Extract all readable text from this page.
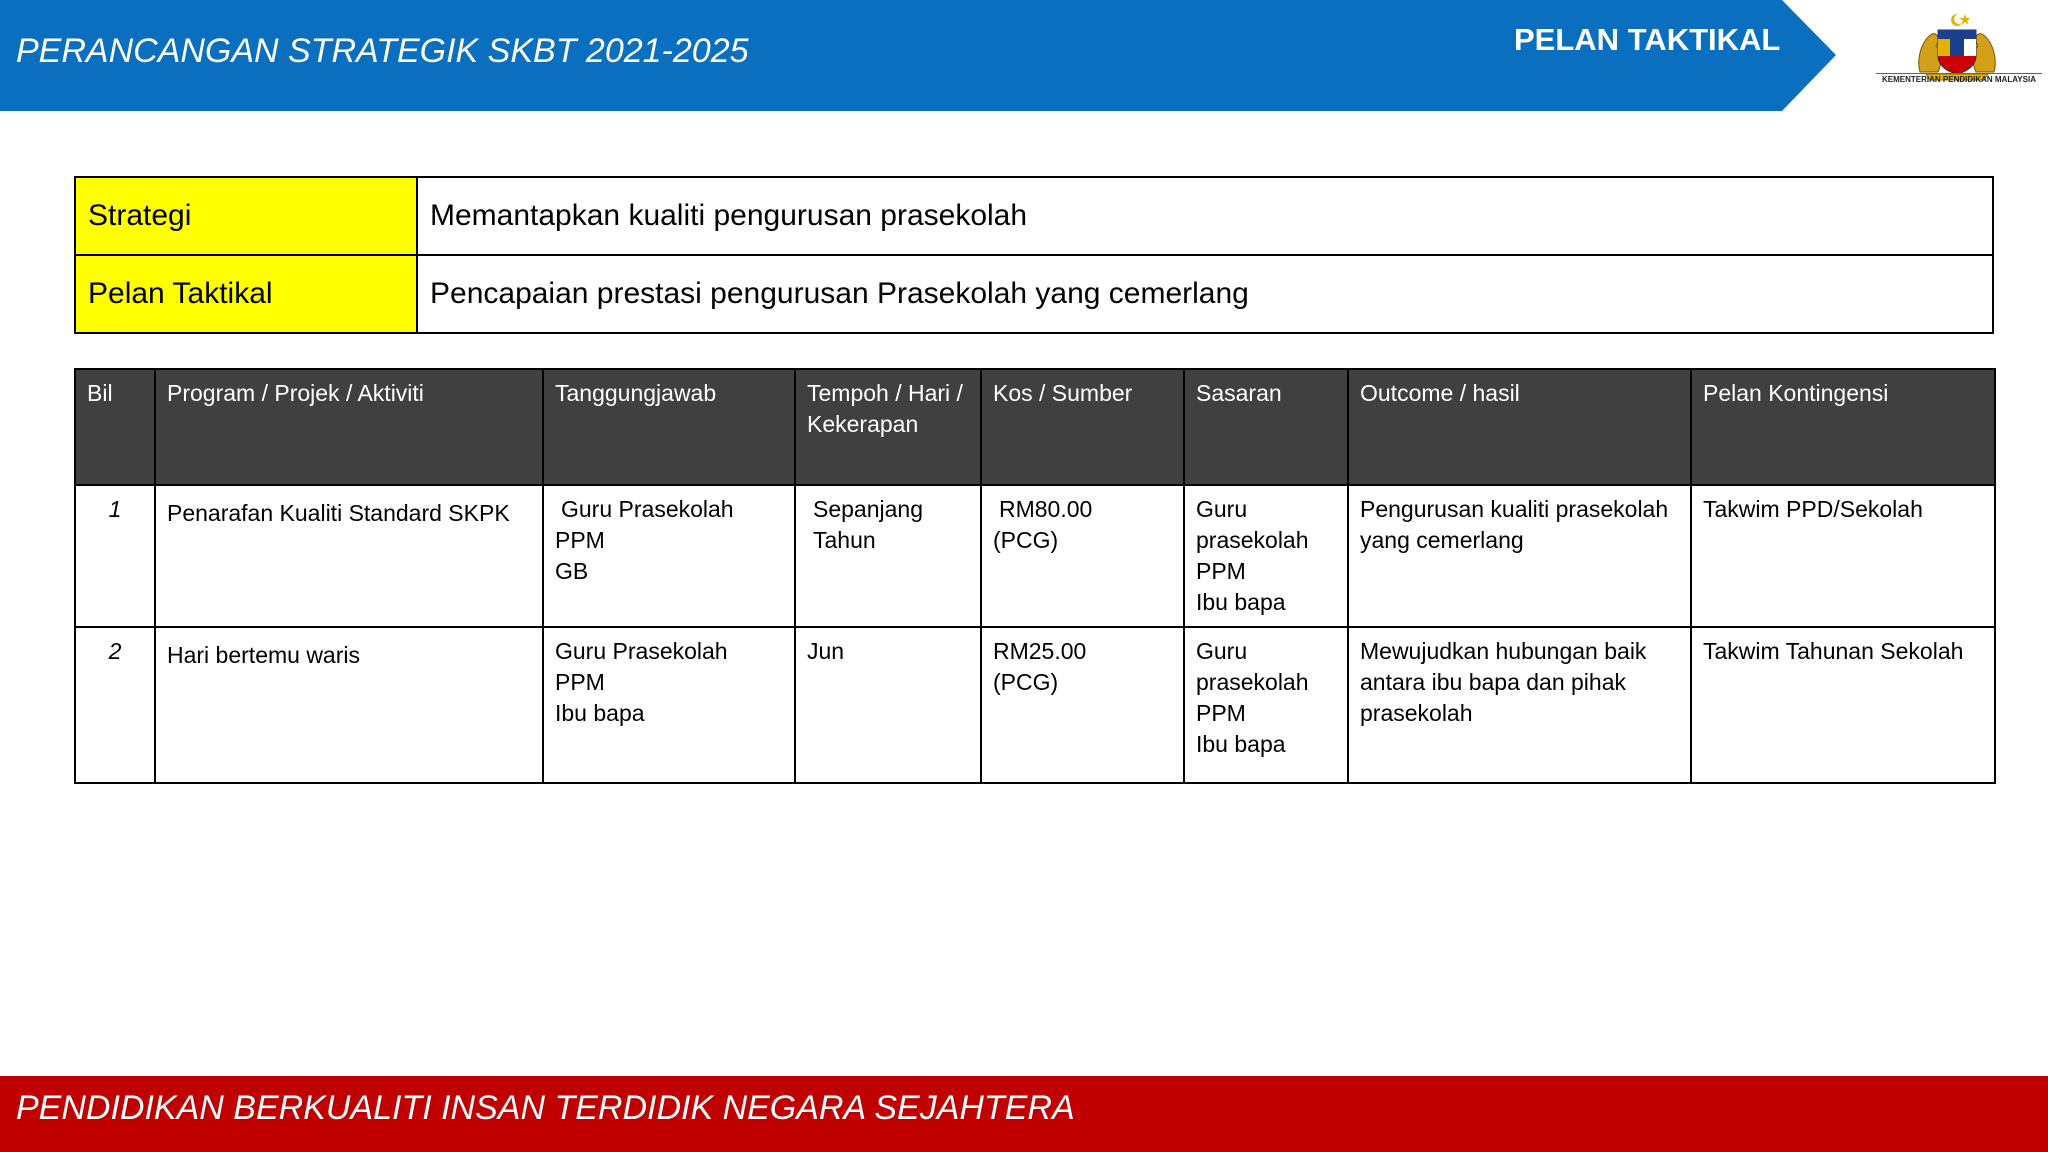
PERANCANGAN STRATEGIK SKBT 2021-2025	PELAN TAKTIKAL
KEMENTERIAN PENDIDIKAN MALAYSIA
Strategi	Memantapkan kualiti pengurusan prasekolah
Pelan Taktikal	Pencapaian prestasi pengurusan Prasekolah yang cemerlang
Bil	Program / Projek / Aktiviti	Tanggungjawab	Tempoh / Hari / Kekerapan	Kos / Sumber	Sasaran	Outcome / hasil	Pelan Kontingensi
1	Penarafan Kualiti Standard SKPK	Guru Prasekolah
PPM
GB	Sepanjang Tahun	RM80.00
(PCG)	Guru
prasekolah
PPM
Ibu bapa	Pengurusan kualiti prasekolah yang cemerlang	Takwim PPD/Sekolah
2	Hari bertemu waris	Guru Prasekolah
PPM
Ibu bapa	Jun	RM25.00
(PCG)	Guru
prasekolah
PPM
Ibu bapa	Mewujudkan hubungan baik antara ibu bapa dan pihak prasekolah	Takwim Tahunan Sekolah
PENDIDIKAN BERKUALITI INSAN TERDIDIK NEGARA SEJAHTERA
